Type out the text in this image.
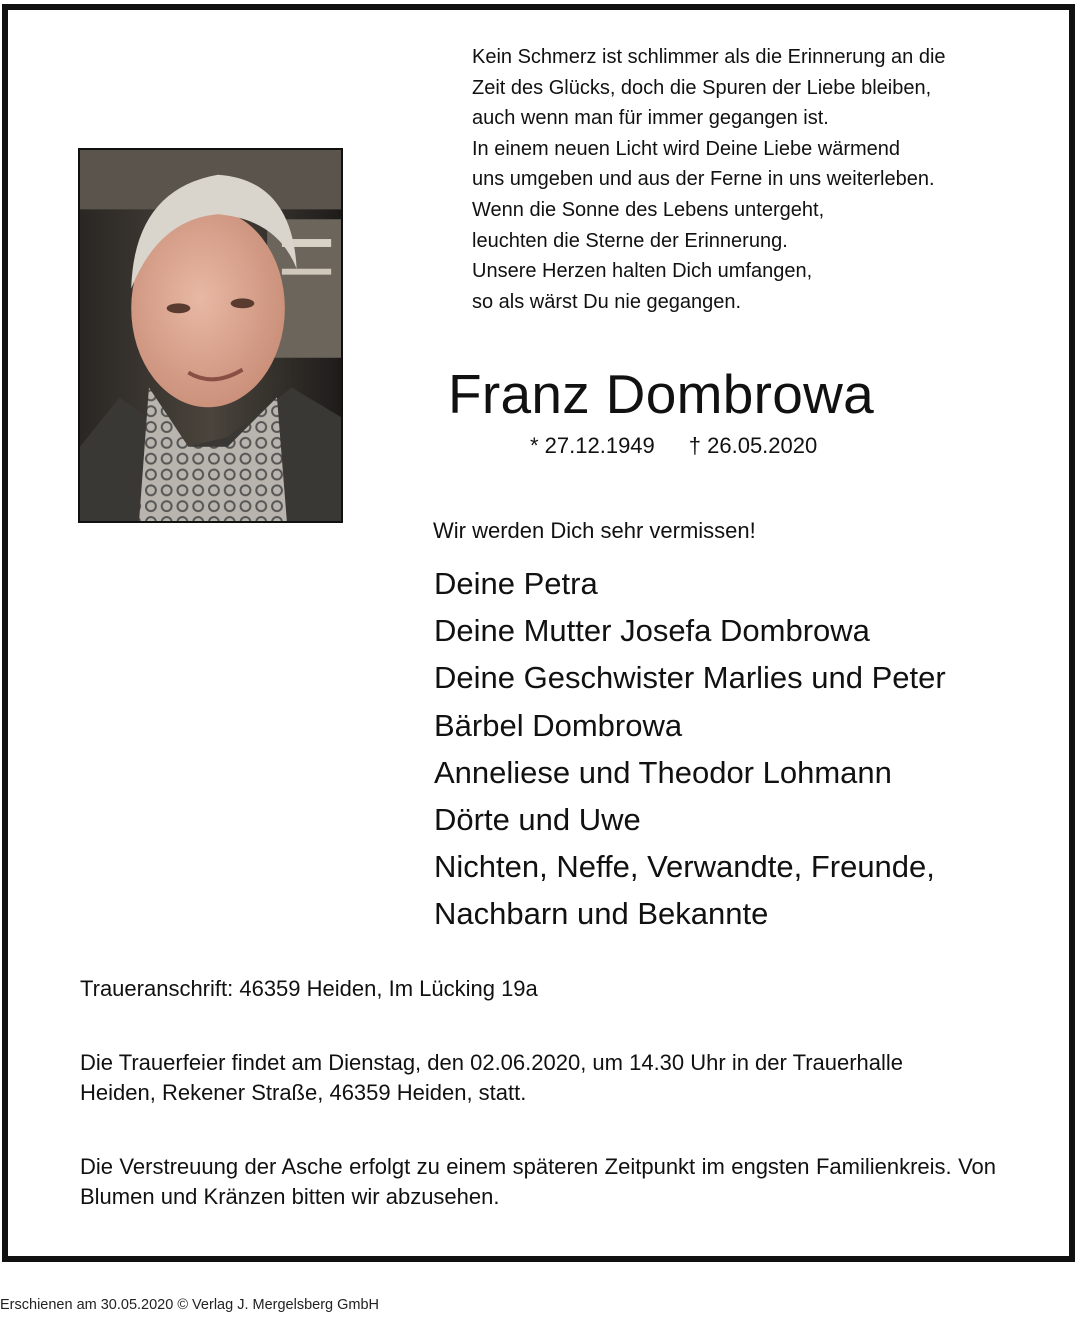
Kein Schmerz ist schlimmer als die Erinnerung an die
Zeit des Glücks, doch die Spuren der Liebe bleiben,
auch wenn man für immer gegangen ist.
In einem neuen Licht wird Deine Liebe wärmend
uns umgeben und aus der Ferne in uns weiterleben.
Wenn die Sonne des Lebens untergeht,
leuchten die Sterne der Erinnerung.
Unsere Herzen halten Dich umfangen,
so als wärst Du nie gegangen.
Franz Dombrowa
* 27.12.1949 † 26.05.2020
Wir werden Dich sehr vermissen!
Deine Petra
Deine Mutter Josefa Dombrowa
Deine Geschwister Marlies und Peter
Bärbel Dombrowa
Anneliese und Theodor Lohmann
Dörte und Uwe
Nichten, Neffe, Verwandte, Freunde,
Nachbarn und Bekannte
Traueranschrift: 46359 Heiden, Im Lücking 19a
Die Trauerfeier findet am Dienstag, den 02.06.2020, um 14.30 Uhr in der Trauerhalle
Heiden, Rekener Straße, 46359 Heiden, statt.
Die Verstreuung der Asche erfolgt zu einem späteren Zeitpunkt im engsten Familienkreis. Von Blumen und Kränzen bitten wir abzusehen.
Erschienen am 30.05.2020 © Verlag J. Mergelsberg GmbH
